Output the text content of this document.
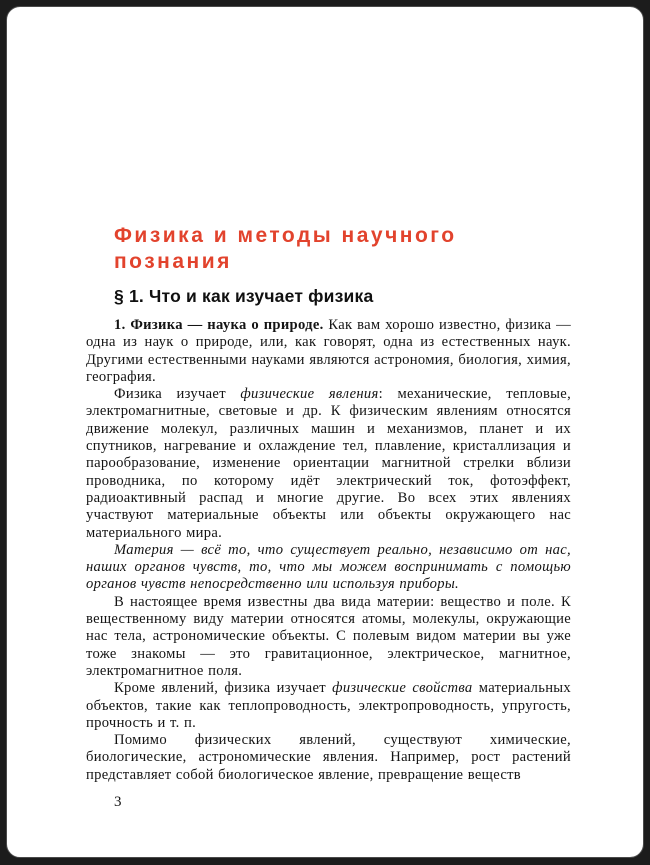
Физика и методы научного познания
§ 1. Что и как изучает физика

1. Физика — наука о природе. Как вам хорошо известно, физика — одна из наук о природе, или, как говорят, одна из естественных наук. Другими естественными науками являются астрономия, биология, химия, география.

Физика изучает физические явления: механические, тепловые, электромагнитные, световые и др. К физическим явлениям относятся движение молекул, различных машин и механизмов, планет и их спутников, нагревание и охлаждение тел, плавление, кристаллизация и парообразование, изменение ориентации магнитной стрелки вблизи проводника, по которому идёт электрический ток, фотоэффект, радиоактивный распад и многие другие. Во всех этих явлениях участвуют материальные объекты или объекты окружающего нас материального мира.

Материя — всё то, что существует реально, независимо от нас, наших органов чувств, то, что мы можем воспринимать с помощью органов чувств непосредственно или используя приборы.

В настоящее время известны два вида материи: вещество и поле. К вещественному виду материи относятся атомы, молекулы, окружающие нас тела, астрономические объекты. С полевым видом материи вы уже тоже знакомы — это гравитационное, электрическое, магнитное, электромагнитное поля.

Кроме явлений, физика изучает физические свойства материальных объектов, такие как теплопроводность, электропроводность, упругость, прочность и т. п.

Помимо физических явлений, существуют химические, биологические, астрономические явления. Например, рост растений представляет собой биологическое явление, превращение веществ

3
